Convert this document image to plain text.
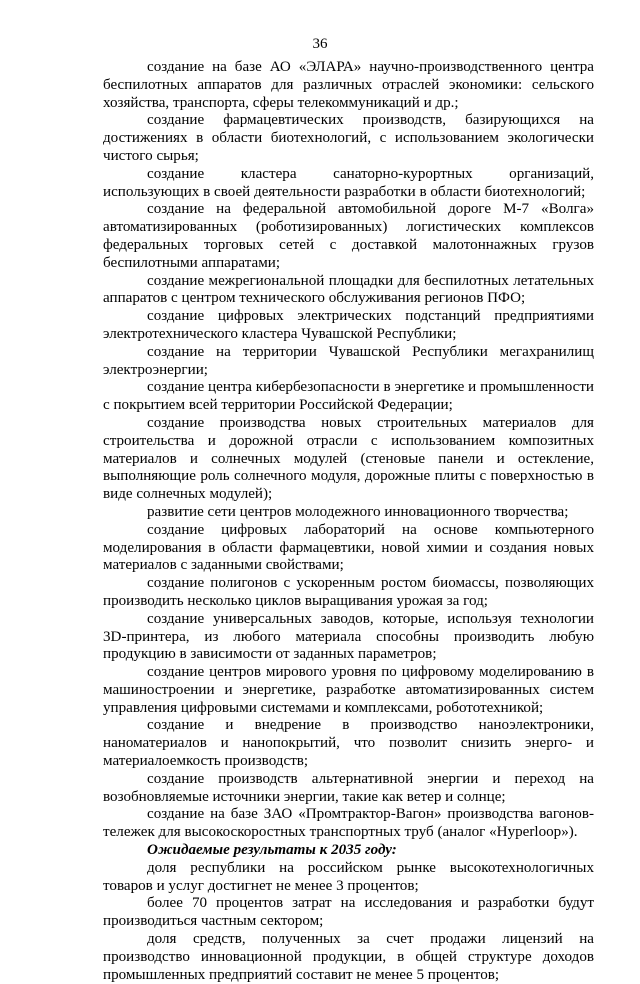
36

создание на базе АО «ЭЛАРА» научно-производственного центра беспилотных аппаратов для различных отраслей экономики: сельского хозяйства, транспорта, сферы телекоммуникаций и др.;

создание фармацевтических производств, базирующихся на достижениях в области биотехнологий, с использованием экологически чистого сырья;

создание кластера санаторно-курортных организаций, использующих в своей деятельности разработки в области биотехнологий;

создание на федеральной автомобильной дороге М-7 «Волга» автоматизированных (роботизированных) логистических комплексов федеральных торговых сетей с доставкой малотоннажных грузов беспилотными аппаратами;

создание межрегиональной площадки для беспилотных летательных аппаратов с центром технического обслуживания регионов ПФО;

создание цифровых электрических подстанций предприятиями электротехнического кластера Чувашской Республики;

создание на территории Чувашской Республики мегахранилищ электроэнергии;

создание центра кибербезопасности в энергетике и промышленности с покрытием всей территории Российской Федерации;

создание производства новых строительных материалов для строительства и дорожной отрасли с использованием композитных материалов и солнечных модулей (стеновые панели и остекление, выполняющие роль солнечного модуля, дорожные плиты с поверхностью в виде солнечных модулей);

развитие сети центров молодежного инновационного творчества;

создание цифровых лабораторий на основе компьютерного моделирования в области фармацевтики, новой химии и создания новых материалов с заданными свойствами;

создание полигонов с ускоренным ростом биомассы, позволяющих производить несколько циклов выращивания урожая за год;

создание универсальных заводов, которые, используя технологии 3D-принтера, из любого материала способны производить любую продукцию в зависимости от заданных параметров;

создание центров мирового уровня по цифровому моделированию в машиностроении и энергетике, разработке автоматизированных систем управления цифровыми системами и комплексами, робототехникой;

создание и внедрение в производство наноэлектроники, наноматериалов и нанопокрытий, что позволит снизить энерго- и материалоемкость производств;

создание производств альтернативной энергии и переход на возобновляемые источники энергии, такие как ветер и солнце;

создание на базе ЗАО «Промтрактор-Вагон» производства вагонов-тележек для высокоскоростных транспортных труб (аналог «Hyperloop»).

Ожидаемые результаты к 2035 году:

доля республики на российском рынке высокотехнологичных товаров и услуг достигнет не менее 3 процентов;

более 70 процентов затрат на исследования и разработки будут производиться частным сектором;

доля средств, полученных за счет продажи лицензий на производство инновационной продукции, в общей структуре доходов промышленных предприятий составит не менее 5 процентов;
